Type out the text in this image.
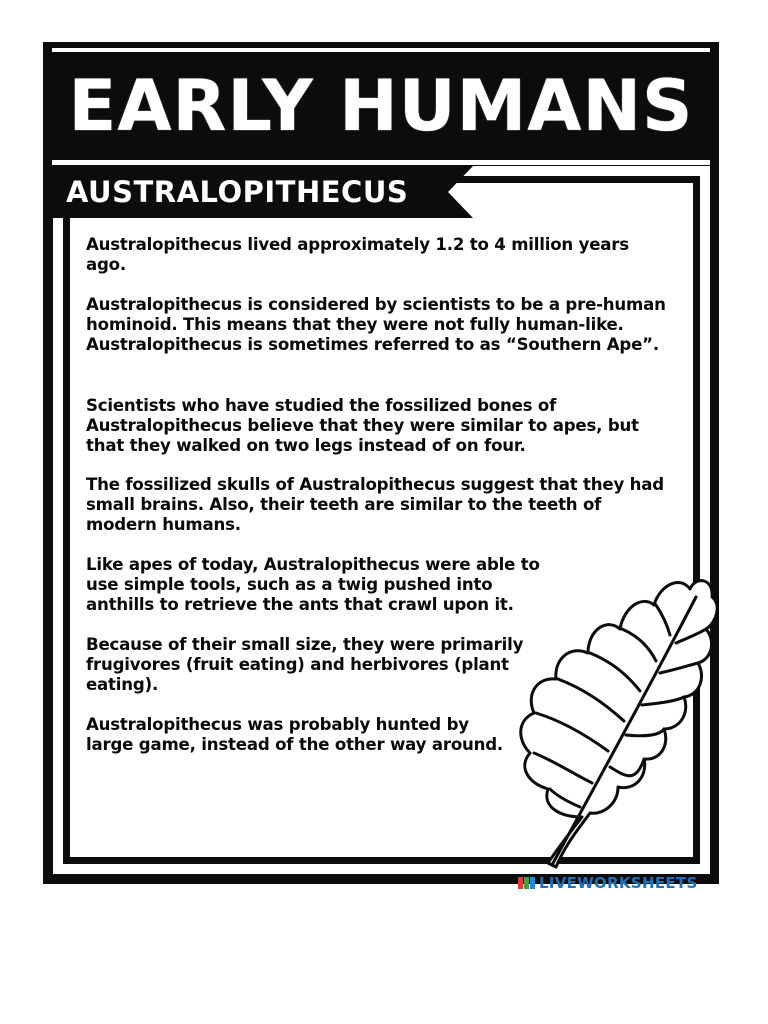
EARLY HUMANS
AUSTRALOPITHECUS

Australopithecus lived approximately 1.2 to 4 million years ago.

Australopithecus is considered by scientists to be a pre-human hominoid. This means that they were not fully human-like. Australopithecus is sometimes referred to as “Southern Ape”.

Scientists who have studied the fossilized bones of Australopithecus believe that they were similar to apes, but that they walked on two legs instead of on four.

The fossilized skulls of Australopithecus suggest that they had small brains. Also, their teeth are similar to the teeth of modern humans.

Like apes of today, Australopithecus were able to use simple tools, such as a twig pushed into anthills to retrieve the ants that crawl upon it.

Because of their small size, they were primarily frugivores (fruit eating) and herbivores (plant eating).

Australopithecus was probably hunted by large game, instead of the other way around.

LIVEWORKSHEETS
